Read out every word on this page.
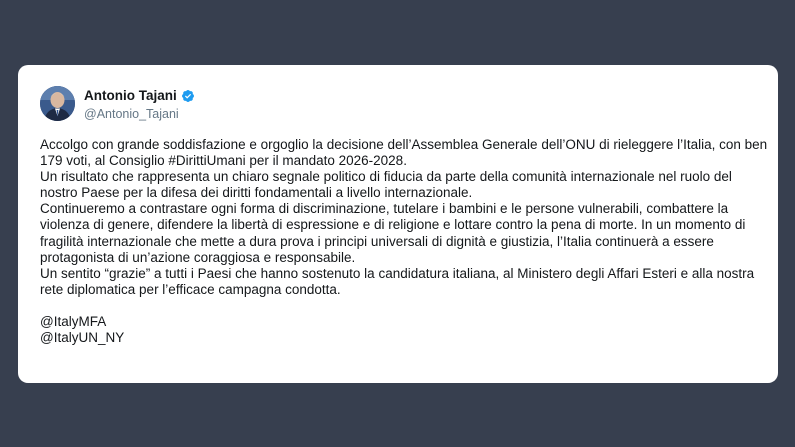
Antonio Tajani
@Antonio_Tajani

Accolgo con grande soddisfazione e orgoglio la decisione dell’Assemblea Generale dell’ONU di rieleggere l’Italia, con ben 179 voti, al Consiglio #DirittiUmani per il mandato 2026-2028.

Un risultato che rappresenta un chiaro segnale politico di fiducia da parte della comunità internazionale nel ruolo del nostro Paese per la difesa dei diritti fondamentali a livello internazionale.

Continueremo a contrastare ogni forma di discriminazione, tutelare i bambini e le persone vulnerabili, combattere la violenza di genere, difendere la libertà di espressione e di religione e lottare contro la pena di morte. In un momento di fragilità internazionale che mette a dura prova i principi universali di dignità e giustizia, l’Italia continuerà a essere protagonista di un’azione coraggiosa e responsabile.

Un sentito “grazie” a tutti i Paesi che hanno sostenuto la candidatura italiana, al Ministero degli Affari Esteri e alla nostra rete diplomatica per l’efficace campagna condotta.

@ItalyMFA

@ItalyUN_NY
